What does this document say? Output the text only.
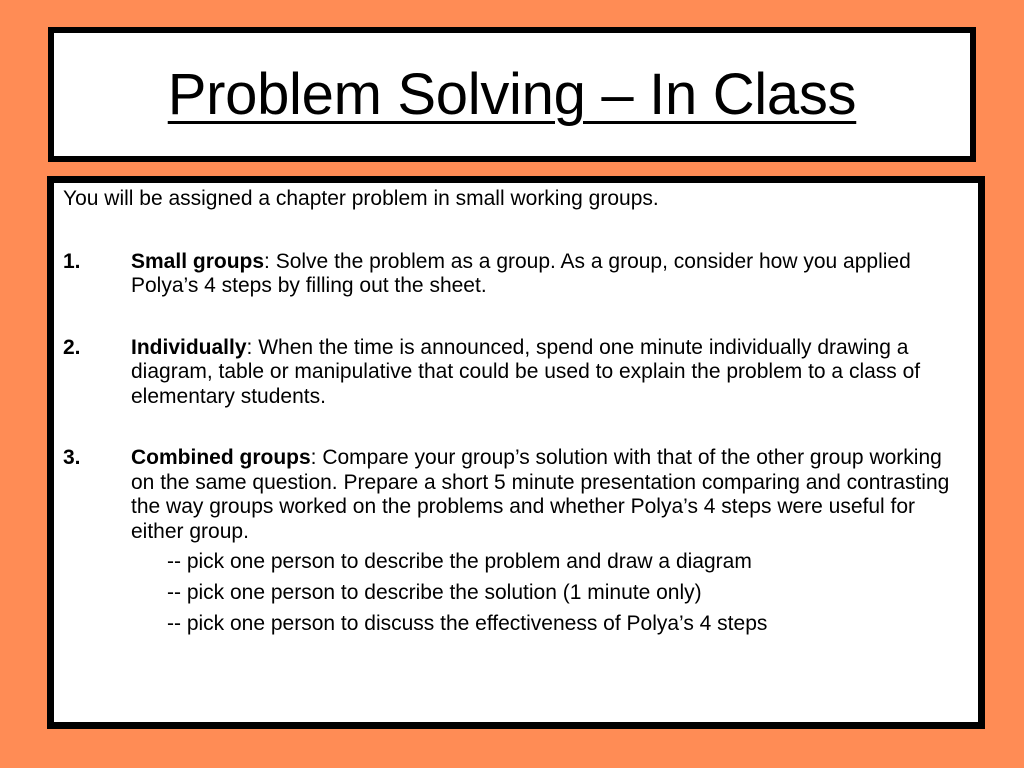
Problem Solving – In Class
You will be assigned a chapter problem in small working groups.
1.	Small groups: Solve the problem as a group. As a group, consider how you applied Polya’s 4 steps by filling out the sheet.
2.	Individually: When the time is announced, spend one minute individually drawing a diagram, table or manipulative that could be used to explain the problem to a class of elementary students.
3.	Combined groups: Compare your group’s solution with that of the other group working on the same question. Prepare a short 5 minute presentation comparing and contrasting the way groups worked on the problems and whether Polya’s 4 steps were useful for either group.
-- pick one person to describe the problem and draw a diagram
-- pick one person to describe the solution (1 minute only)
-- pick one person to discuss the effectiveness of Polya’s 4 steps
